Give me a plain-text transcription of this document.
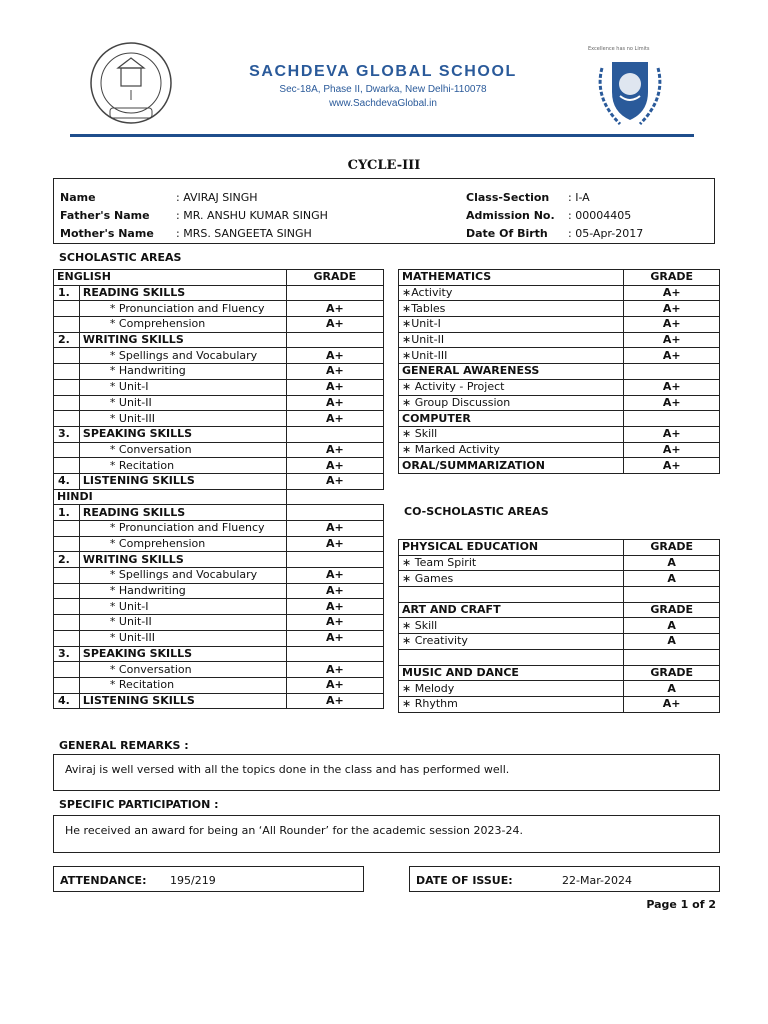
Excellence has no Limits
SACHDEVA GLOBAL SCHOOL
Sec-18A, Phase II, Dwarka, New Delhi-110078
www.SachdevaGlobal.in
CYCLE-III
Name	: AVIRAJ SINGH
Father's Name : MR. ANSHU KUMAR SINGH
Mother's Name : MRS. SANGEETA SINGH
Class-Section : I-A
Admission No. : 00004405
Date Of Birth : 05-Apr-2017
SCHOLASTIC AREAS
ENGLISH		GRADE
1.	READING SKILLS	
	* Pronunciation and Fluency	A+
	* Comprehension	A+
2.	WRITING SKILLS	
	* Spellings and Vocabulary	A+
	* Handwriting	A+
	* Unit-I	A+
	* Unit-II	A+
	* Unit-III	A+
3.	SPEAKING SKILLS	
	* Conversation	A+
	* Recitation	A+
4.	LISTENING SKILLS	A+
HINDI		
1.	READING SKILLS	
	* Pronunciation and Fluency	A+
	* Comprehension	A+
2.	WRITING SKILLS	
	* Spellings and Vocabulary	A+
	* Handwriting	A+
	* Unit-I	A+
	* Unit-II	A+
	* Unit-III	A+
3.	SPEAKING SKILLS	
	* Conversation	A+
	* Recitation	A+
4.	LISTENING SKILLS	A+
MATHEMATICS	GRADE
∗Activity	A+
∗Tables	A+
∗Unit-I	A+
∗Unit-II	A+
∗Unit-III	A+
GENERAL AWARENESS	
∗ Activity - Project	A+
∗ Group Discussion	A+
COMPUTER	
∗ Skill	A+
∗ Marked Activity	A+
ORAL/SUMMARIZATION	A+
CO-SCHOLASTIC AREAS
PHYSICAL EDUCATION	GRADE
∗ Team Spirit	A
∗ Games	A

ART AND CRAFT	GRADE
∗ Skill	A
∗ Creativity	A

MUSIC AND DANCE	GRADE
∗ Melody	A
∗ Rhythm	A+
GENERAL REMARKS :
Aviraj is well versed with all the topics done in the class and has performed well.
SPECIFIC PARTICIPATION :
He received an award for being an ‘All Rounder’ for the academic session 2023-24.
ATTENDANCE: 195/219	DATE OF ISSUE:	22-Mar-2024
Page 1 of 2
